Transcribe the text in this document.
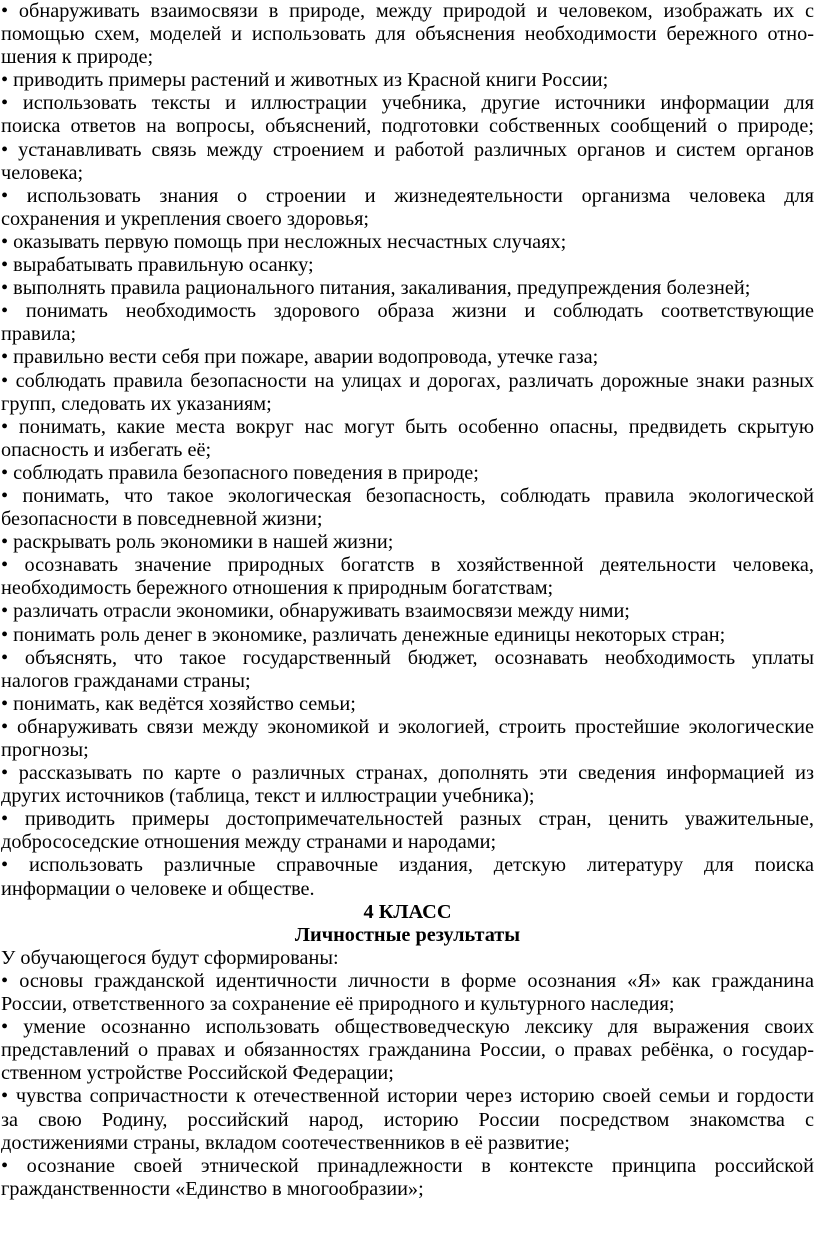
• обнаруживать взаимосвязи в природе, между природой и человеком, изображать их с
помощью схем, моделей и использовать для объяснения необходимости бережного отно-
шения к природе;
• приводить примеры растений и животных из Красной книги России;
• использовать тексты и иллюстрации учебника, другие источники информации для
поиска ответов на вопросы, объяснений, подготовки собственных сообщений о природе;
• устанавливать связь между строением и работой различных органов и систем органов
человека;
• использовать знания о строении и жизнедеятельности организма человека для
сохранения и укрепления своего здоровья;
• оказывать первую помощь при несложных несчастных случаях;
• вырабатывать правильную осанку;
• выполнять правила рационального питания, закаливания, предупреждения болезней;
• понимать необходимость здорового образа жизни и соблюдать соответствующие
правила;
• правильно вести себя при пожаре, аварии водопровода, утечке газа;
• соблюдать правила безопасности на улицах и дорогах, различать дорожные знаки разных
групп, следовать их указаниям;
• понимать, какие места вокруг нас могут быть особенно опасны, предвидеть скрытую
опасность и избегать её;
• соблюдать правила безопасного поведения в природе;
• понимать, что такое экологическая безопасность, соблюдать правила экологической
безопасности в повседневной жизни;
• раскрывать роль экономики в нашей жизни;
• осознавать значение природных богатств в хозяйственной деятельности человека,
необходимость бережного отношения к природным богатствам;
• различать отрасли экономики, обнаруживать взаимосвязи между ними;
• понимать роль денег в экономике, различать денежные единицы некоторых стран;
• объяснять, что такое государственный бюджет, осознавать необходимость уплаты
налогов гражданами страны;
• понимать, как ведётся хозяйство семьи;
• обнаруживать связи между экономикой и экологией, строить простейшие экологические
прогнозы;
• рассказывать по карте о различных странах, дополнять эти сведения информацией из
других источников (таблица, текст и иллюстрации учебника);
• приводить примеры достопримечательностей разных стран, ценить уважительные,
добрососедские отношения между странами и народами;
• использовать различные справочные издания, детскую литературу для поиска
информации о человеке и обществе.
4 КЛАСС
Личностные результаты
У обучающегося будут сформированы:
• основы гражданской идентичности личности в форме осознания «Я» как гражданина
России, ответственного за сохранение её природного и культурного наследия;
• умение осознанно использовать обществоведческую лексику для выражения своих
представлений о правах и обязанностях гражданина России, о правах ребёнка, о государ-
ственном устройстве Российской Федерации;
• чувства сопричастности к отечественной истории через историю своей семьи и гордости
за свою Родину, российский народ, историю России посредством знакомства с
достижениями страны, вкладом соотечественников в её развитие;
• осознание своей этнической принадлежности в контексте принципа российской
гражданственности «Единство в многообразии»;
